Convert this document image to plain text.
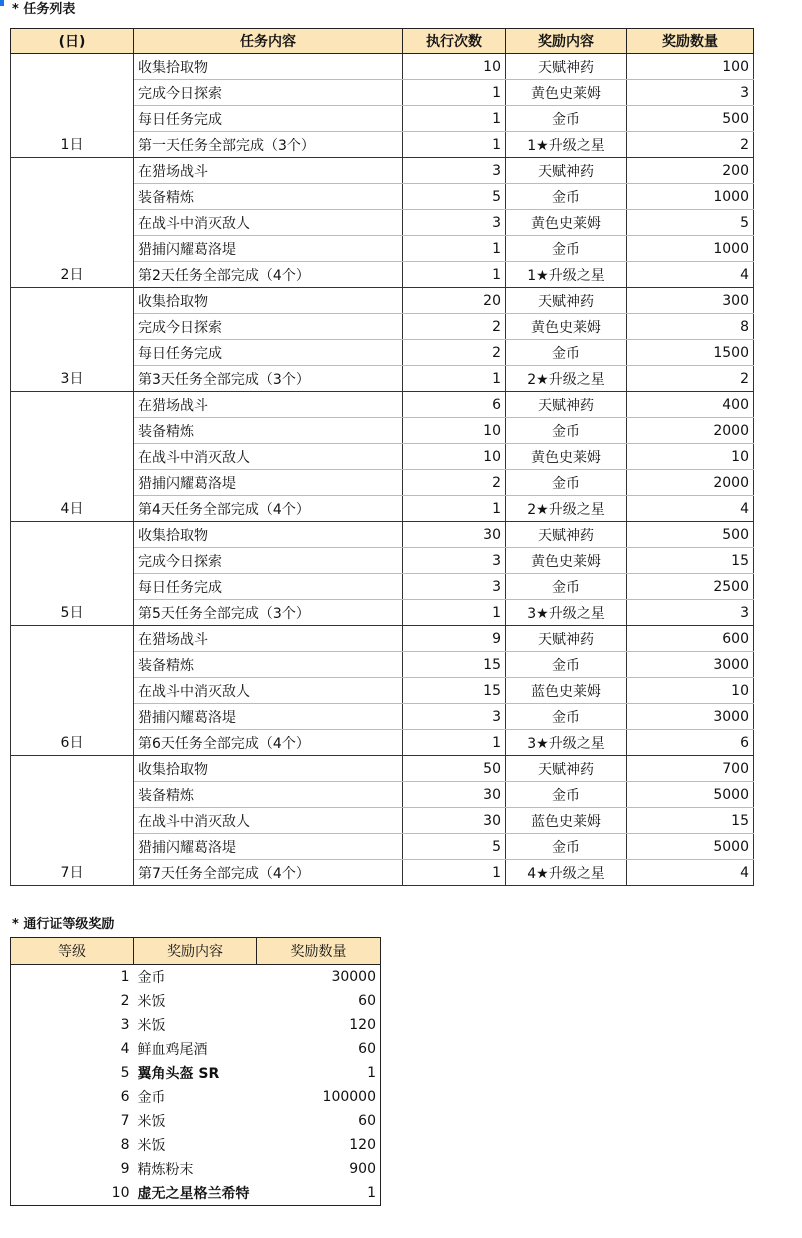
* 任务列表
(日)	任务内容	执行次数	奖励内容	奖励数量
1日	收集拾取物	10	天赋神药	100
	完成今日探索	1	黄色史莱姆	3
	每日任务完成	1	金币	500
	第一天任务全部完成（3个）	1	1★升级之星	2
2日	在猎场战斗	3	天赋神药	200
	装备精炼	5	金币	1000
	在战斗中消灭敌人	3	黄色史莱姆	5
	猎捕闪耀葛洛堤	1	金币	1000
	第2天任务全部完成（4个）	1	1★升级之星	4
3日	收集拾取物	20	天赋神药	300
	完成今日探索	2	黄色史莱姆	8
	每日任务完成	2	金币	1500
	第3天任务全部完成（3个）	1	2★升级之星	2
4日	在猎场战斗	6	天赋神药	400
	装备精炼	10	金币	2000
	在战斗中消灭敌人	10	黄色史莱姆	10
	猎捕闪耀葛洛堤	2	金币	2000
	第4天任务全部完成（4个）	1	2★升级之星	4
5日	收集拾取物	30	天赋神药	500
	完成今日探索	3	黄色史莱姆	15
	每日任务完成	3	金币	2500
	第5天任务全部完成（3个）	1	3★升级之星	3
6日	在猎场战斗	9	天赋神药	600
	装备精炼	15	金币	3000
	在战斗中消灭敌人	15	蓝色史莱姆	10
	猎捕闪耀葛洛堤	3	金币	3000
	第6天任务全部完成（4个）	1	3★升级之星	6
7日	收集拾取物	50	天赋神药	700
	装备精炼	30	金币	5000
	在战斗中消灭敌人	30	蓝色史莱姆	15
	猎捕闪耀葛洛堤	5	金币	5000
	第7天任务全部完成（4个）	1	4★升级之星	4
* 通行证等级奖励
等级	奖励内容	奖励数量
1	金币	30000
2	米饭	60
3	米饭	120
4	鲜血鸡尾酒	60
5	翼角头盔 SR	1
6	金币	100000
7	米饭	60
8	米饭	120
9	精炼粉末	900
10	虚无之星格兰希特	1
